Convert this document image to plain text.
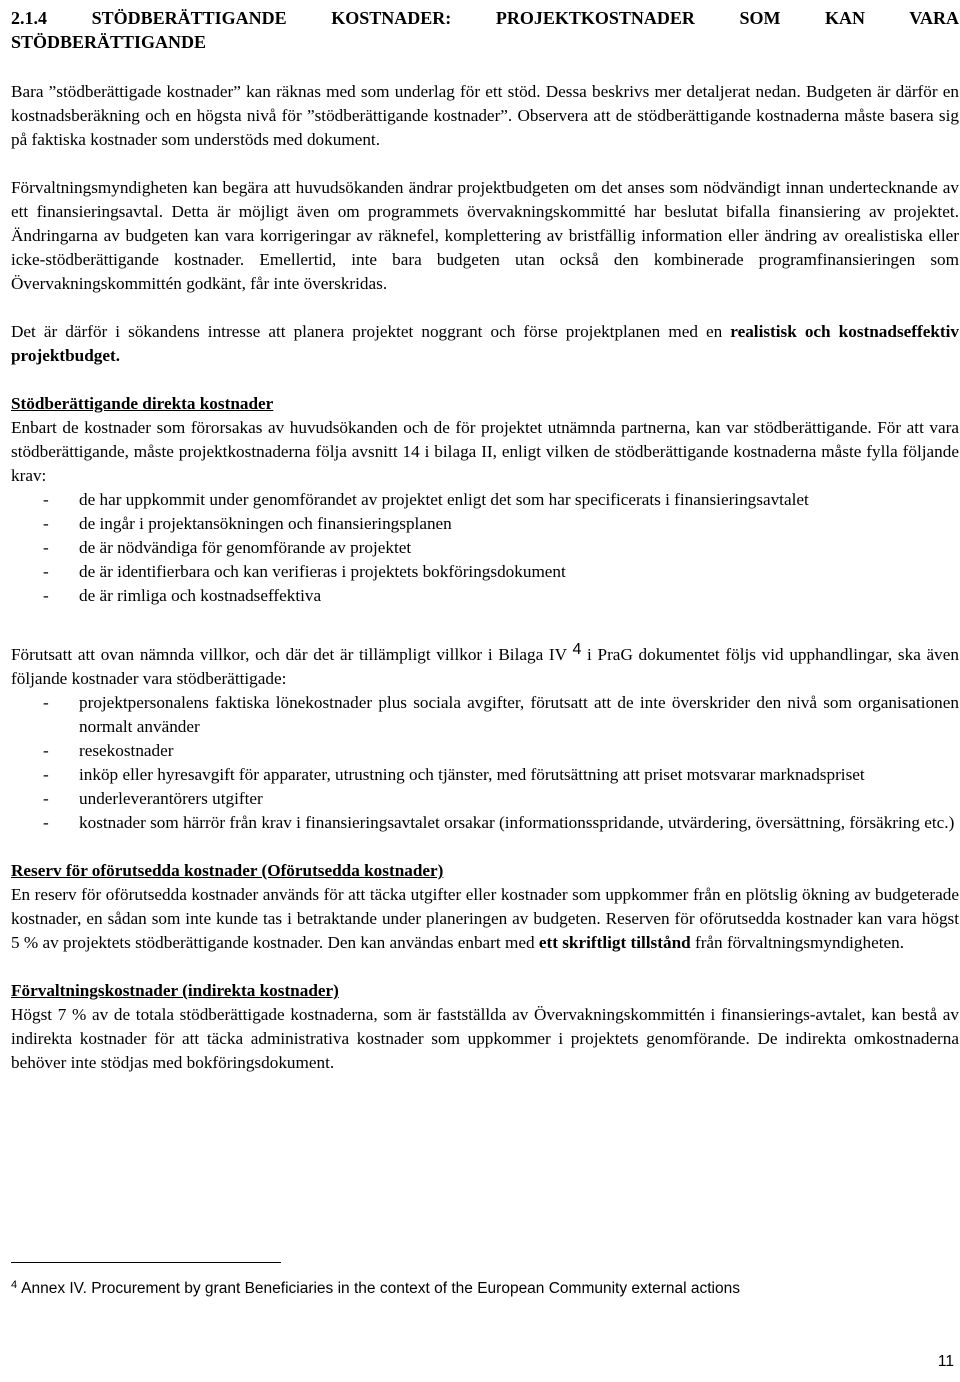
2.1.4 STÖDBERÄTTIGANDE KOSTNADER: PROJEKTKOSTNADER SOM KAN VARA
STÖDBERÄTTIGANDE

Bara ”stödberättigade kostnader” kan räknas med som underlag för ett stöd. Dessa beskrivs mer detaljerat nedan. Budgeten är därför en kostnadsberäkning och en högsta nivå för ”stödberättigande kostnader”. Observera att de stödberättigande kostnaderna måste basera sig på faktiska kostnader som understöds med dokument.

Förvaltningsmyndigheten kan begära att huvudsökanden ändrar projektbudgeten om det anses som nödvändigt innan undertecknande av ett finansieringsavtal. Detta är möjligt även om programmets övervakningskommitté har beslutat bifalla finansiering av projektet. Ändringarna av budgeten kan vara korrigeringar av räknefel, komplettering av bristfällig information eller ändring av orealistiska eller icke-stödberättigande kostnader. Emellertid, inte bara budgeten utan också den kombinerade programfinansieringen som Övervakningskommittén godkänt, får inte överskridas.

Det är därför i sökandens intresse att planera projektet noggrant och förse projektplanen med en realistisk och kostnadseffektiv projektbudget.

Stödberättigande direkta kostnader

Enbart de kostnader som förorsakas av huvudsökanden och de för projektet utnämnda partnerna, kan var stödberättigande. För att vara stödberättigande, måste projektkostnaderna följa avsnitt 14 i bilaga II, enligt vilken de stödberättigande kostnaderna måste fylla följande krav:

- de har uppkommit under genomförandet av projektet enligt det som har specificerats i finansieringsavtalet
- de ingår i projektansökningen och finansieringsplanen
- de är nödvändiga för genomförande av projektet
- de är identifierbara och kan verifieras i projektets bokföringsdokument
- de är rimliga och kostnadseffektiva

Förutsatt att ovan nämnda villkor, och där det är tillämpligt villkor i Bilaga IV 4 i PraG dokumentet följs vid upphandlingar, ska även följande kostnader vara stödberättigade:

- projektpersonalens faktiska lönekostnader plus sociala avgifter, förutsatt att de inte överskrider den nivå som organisationen normalt använder
- resekostnader
- inköp eller hyresavgift för apparater, utrustning och tjänster, med förutsättning att priset motsvarar marknadspriset
- underleverantörers utgifter
- kostnader som härrör från krav i finansieringsavtalet orsakar (informationsspridande, utvärdering, översättning, försäkring etc.)
Reserv för oförutsedda kostnader (Oförutsedda kostnader)

En reserv för oförutsedda kostnader används för att täcka utgifter eller kostnader som uppkommer från en plötslig ökning av budgeterade kostnader, en sådan som inte kunde tas i betraktande under planeringen av budgeten. Reserven för oförutsedda kostnader kan vara högst 5 % av projektets stödberättigande kostnader. Den kan användas enbart med ett skriftligt tillstånd från förvaltningsmyndigheten.

Förvaltningskostnader (indirekta kostnader)

Högst 7 % av de totala stödberättigade kostnaderna, som är fastställda av Övervakningskommittén i finansierings-avtalet, kan bestå av indirekta kostnader för att täcka administrativa kostnader som uppkommer i projektets genomförande. De indirekta omkostnaderna behöver inte stödjas med bokföringsdokument.

$^4$ Annex IV. Procurement by grant Beneficiaries in the context of the European Community external actions
11
